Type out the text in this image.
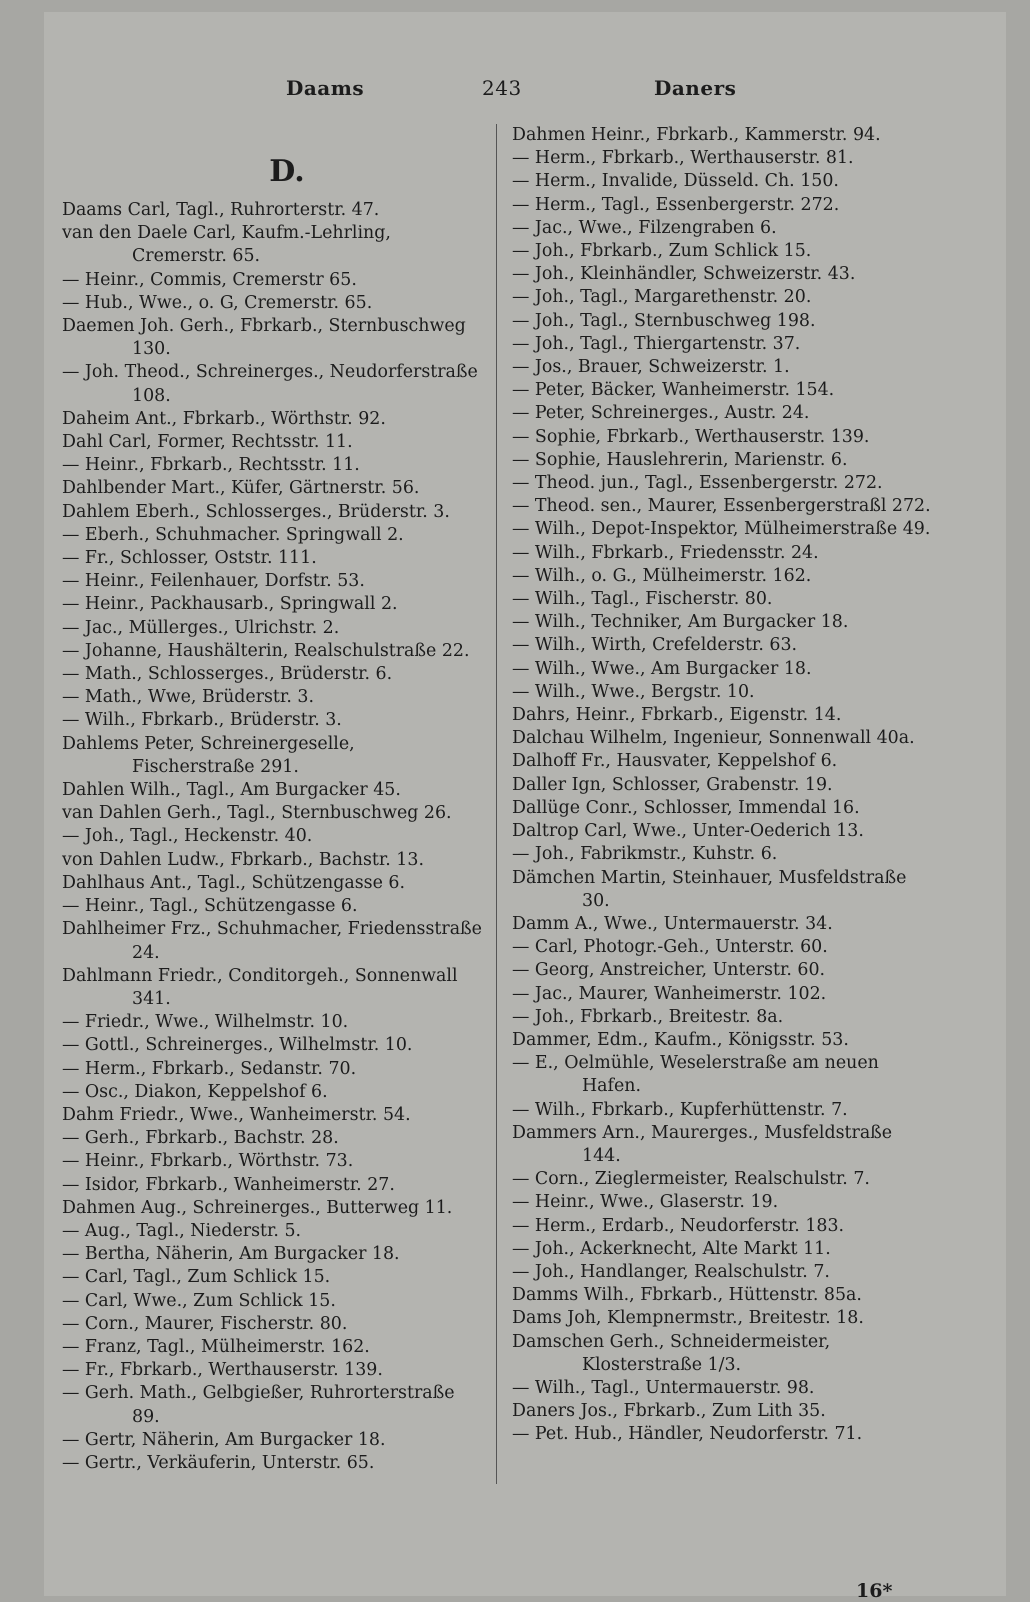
Daams	243	Daners
D.
Daams Carl, Tagl., Ruhrorterstr. 47.
van den Daele Carl, Kaufm.-Lehrling, Cremerstr. 65.
— Heinr., Commis, Cremerstr 65.
— Hub., Wwe., o. G, Cremerstr. 65.
Daemen Joh. Gerh., Fbrkarb., Sternbuschweg 130.
— Joh. Theod., Schreinerges., Neudorferstraße 108.
Daheim Ant., Fbrkarb., Wörthstr. 92.
Dahl Carl, Former, Rechtsstr. 11.
— Heinr., Fbrkarb., Rechtsstr. 11.
Dahlbender Mart., Küfer, Gärtnerstr. 56.
Dahlem Eberh., Schlosserges., Brüderstr. 3.
— Eberh., Schuhmacher. Springwall 2.
— Fr., Schlosser, Oststr. 111.
— Heinr., Feilenhauer, Dorfstr. 53.
— Heinr., Packhausarb., Springwall 2.
— Jac., Müllerges., Ulrichstr. 2.
— Johanne, Haushälterin, Realschulstraße 22.
— Math., Schlosserges., Brüderstr. 6.
— Math., Wwe, Brüderstr. 3.
— Wilh., Fbrkarb., Brüderstr. 3.
Dahlems Peter, Schreinergeselle, Fischerstraße 291.
Dahlen Wilh., Tagl., Am Burgacker 45.
van Dahlen Gerh., Tagl., Sternbuschweg 26.
— Joh., Tagl., Heckenstr. 40.
von Dahlen Ludw., Fbrkarb., Bachstr. 13.
Dahlhaus Ant., Tagl., Schützengasse 6.
— Heinr., Tagl., Schützengasse 6.
Dahlheimer Frz., Schuhmacher, Friedensstraße 24.
Dahlmann Friedr., Conditorgeh., Sonnenwall 341.
— Friedr., Wwe., Wilhelmstr. 10.
— Gottl., Schreinerges., Wilhelmstr. 10.
— Herm., Fbrkarb., Sedanstr. 70.
— Osc., Diakon, Keppelshof 6.
Dahm Friedr., Wwe., Wanheimerstr. 54.
— Gerh., Fbrkarb., Bachstr. 28.
— Heinr., Fbrkarb., Wörthstr. 73.
— Isidor, Fbrkarb., Wanheimerstr. 27.
Dahmen Aug., Schreinerges., Butterweg 11.
— Aug., Tagl., Niederstr. 5.
— Bertha, Näherin, Am Burgacker 18.
— Carl, Tagl., Zum Schlick 15.
— Carl, Wwe., Zum Schlick 15.
— Corn., Maurer, Fischerstr. 80.
— Franz, Tagl., Mülheimerstr. 162.
— Fr., Fbrkarb., Werthauserstr. 139.
— Gerh. Math., Gelbgießer, Ruhrorterstraße 89.
— Gertr, Näherin, Am Burgacker 18.
— Gertr., Verkäuferin, Unterstr. 65.
Dahmen Heinr., Fbrkarb., Kammerstr. 94.
— Herm., Fbrkarb., Werthauserstr. 81.
— Herm., Invalide, Düsseld. Ch. 150.
— Herm., Tagl., Essenbergerstr. 272.
— Jac., Wwe., Filzengraben 6.
— Joh., Fbrkarb., Zum Schlick 15.
— Joh., Kleinhändler, Schweizerstr. 43.
— Joh., Tagl., Margarethenstr. 20.
— Joh., Tagl., Sternbuschweg 198.
— Joh., Tagl., Thiergartenstr. 37.
— Jos., Brauer, Schweizerstr. 1.
— Peter, Bäcker, Wanheimerstr. 154.
— Peter, Schreinerges., Austr. 24.
— Sophie, Fbrkarb., Werthauserstr. 139.
— Sophie, Hauslehrerin, Marienstr. 6.
— Theod. jun., Tagl., Essenbergerstr. 272.
— Theod. sen., Maurer, Essenbergerstraßl 272.
— Wilh., Depot-Inspektor, Mülheimerstraße 49.
— Wilh., Fbrkarb., Friedensstr. 24.
— Wilh., o. G., Mülheimerstr. 162.
— Wilh., Tagl., Fischerstr. 80.
— Wilh., Techniker, Am Burgacker 18.
— Wilh., Wirth, Crefelderstr. 63.
— Wilh., Wwe., Am Burgacker 18.
— Wilh., Wwe., Bergstr. 10.
Dahrs, Heinr., Fbrkarb., Eigenstr. 14.
Dalchau Wilhelm, Ingenieur, Sonnenwall 40a.
Dalhoff Fr., Hausvater, Keppelshof 6.
Daller Ign, Schlosser, Grabenstr. 19.
Dallüge Conr., Schlosser, Immendal 16.
Daltrop Carl, Wwe., Unter-Oederich 13.
— Joh., Fabrikmstr., Kuhstr. 6.
Dämchen Martin, Steinhauer, Musfeldstraße 30.
Damm A., Wwe., Untermauerstr. 34.
— Carl, Photogr.-Geh., Unterstr. 60.
— Georg, Anstreicher, Unterstr. 60.
— Jac., Maurer, Wanheimerstr. 102.
— Joh., Fbrkarb., Breitestr. 8a.
Dammer, Edm., Kaufm., Königsstr. 53.
— E., Oelmühle, Weselerstraße am neuen Hafen.
— Wilh., Fbrkarb., Kupferhüttenstr. 7.
Dammers Arn., Maurerges., Musfeldstraße 144.
— Corn., Zieglermeister, Realschulstr. 7.
— Heinr., Wwe., Glaserstr. 19.
— Herm., Erdarb., Neudorferstr. 183.
— Joh., Ackerknecht, Alte Markt 11.
— Joh., Handlanger, Realschulstr. 7.
Damms Wilh., Fbrkarb., Hüttenstr. 85a.
Dams Joh, Klempnermstr., Breitestr. 18.
Damschen Gerh., Schneidermeister, Klosterstraße 1/3.
— Wilh., Tagl., Untermauerstr. 98.
Daners Jos., Fbrkarb., Zum Lith 35.
— Pet. Hub., Händler, Neudorferstr. 71.
16*
